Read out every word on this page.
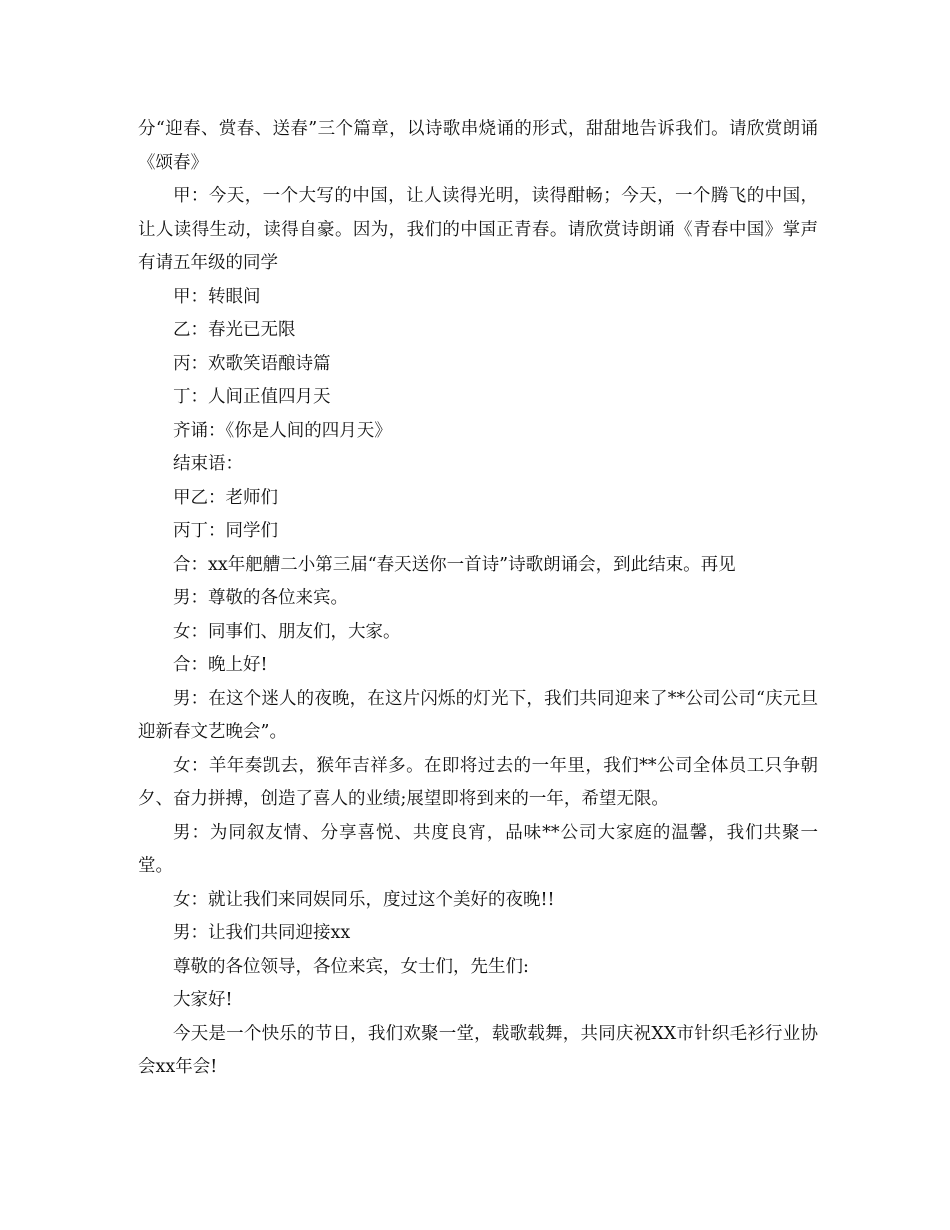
分“迎春、赏春、送春”三个篇章，以诗歌串烧诵的形式，甜甜地告诉我们。请欣赏朗诵《颂春》

甲：今天，一个大写的中国，让人读得光明，读得酣畅；今天，一个腾飞的中国，让人读得生动，读得自豪。因为，我们的中国正青春。请欣赏诗朗诵《青春中国》掌声有请五年级的同学

甲：转眼间

乙：春光已无限

丙：欢歌笑语酿诗篇

丁：人间正值四月天

齐诵：《你是人间的四月天》

结束语：

甲乙：老师们

丙丁：同学们

合：xx年舥艚二小第三届“春天送你一首诗”诗歌朗诵会，到此结束。再见

男：尊敬的各位来宾。

女：同事们、朋友们，大家。

合：晚上好!

男：在这个迷人的夜晚，在这片闪烁的灯光下，我们共同迎来了**公司公司“庆元旦迎新春文艺晚会”。

女：羊年奏凯去，猴年吉祥多。在即将过去的一年里，我们**公司全体员工只争朝夕、奋力拼搏，创造了喜人的业绩;展望即将到来的一年，希望无限。

男：为同叙友情、分享喜悦、共度良宵，品味**公司大家庭的温馨，我们共聚一堂。

女：就让我们来同娱同乐，度过这个美好的夜晚!!

男：让我们共同迎接xx

尊敬的各位领导，各位来宾，女士们，先生们:

大家好!

今天是一个快乐的节日，我们欢聚一堂，载歌载舞，共同庆祝XX市针织毛衫行业协会xx年会!
